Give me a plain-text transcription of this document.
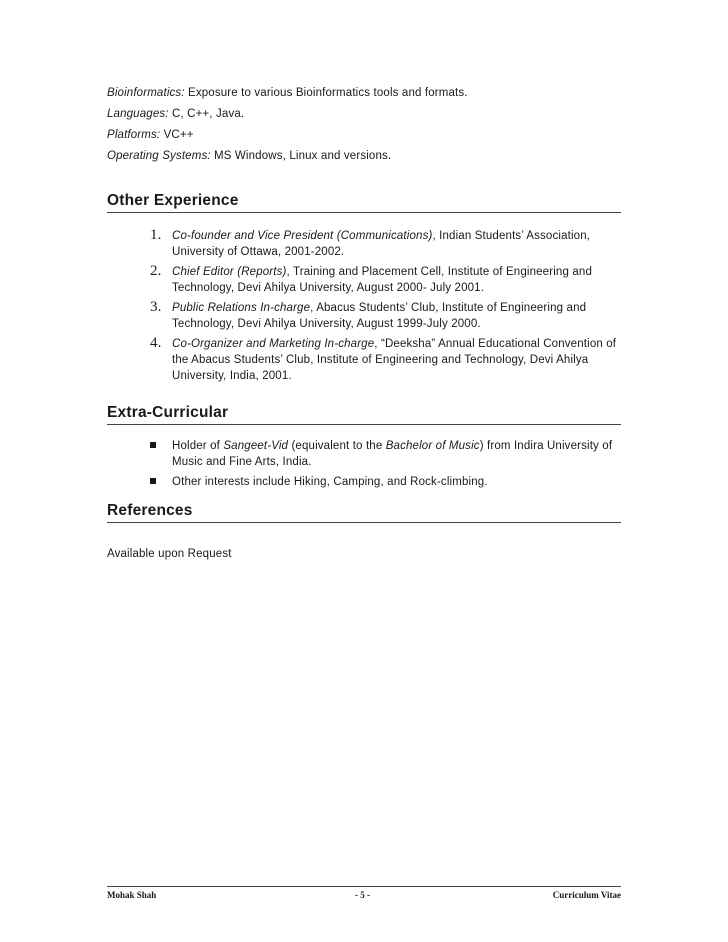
Bioinformatics: Exposure to various Bioinformatics tools and formats.
Languages: C, C++, Java.
Platforms: VC++
Operating Systems: MS Windows, Linux and versions.
Other Experience
1. Co-founder and Vice President (Communications), Indian Students’ Association, University of Ottawa, 2001-2002.
2. Chief Editor (Reports), Training and Placement Cell, Institute of Engineering and Technology, Devi Ahilya University, August 2000- July 2001.
3. Public Relations In-charge, Abacus Students’ Club, Institute of Engineering and Technology, Devi Ahilya University, August 1999-July 2000.
4. Co-Organizer and Marketing In-charge, “Deeksha” Annual Educational Convention of the Abacus Students’ Club, Institute of Engineering and Technology, Devi Ahilya University, India, 2001.
Extra-Curricular
Holder of Sangeet-Vid (equivalent to the Bachelor of Music) from Indira University of Music and Fine Arts, India.
Other interests include Hiking, Camping, and Rock-climbing.
References
Available upon Request
Mohak Shah	- 5 -	Curriculum Vitae
